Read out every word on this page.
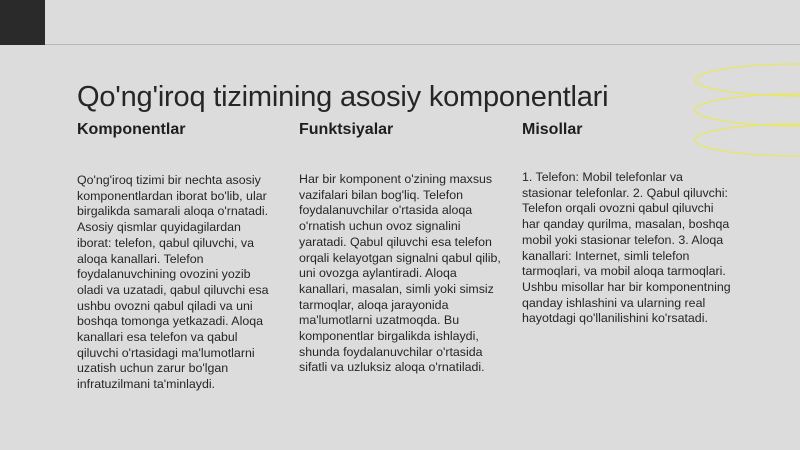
Qo'ng'iroq tizimining asosiy komponentlari
Komponentlar

Qo'ng'iroq tizimi bir nechta asosiy komponentlardan iborat bo'lib, ular birgalikda samarali aloqa o'rnatadi. Asosiy qismlar quyidagilardan iborat: telefon, qabul qiluvchi, va aloqa kanallari. Telefon foydalanuvchining ovozini yozib oladi va uzatadi, qabul qiluvchi esa ushbu ovozni qabul qiladi va uni boshqa tomonga yetkazadi. Aloqa kanallari esa telefon va qabul qiluvchi o'rtasidagi ma'lumotlarni uzatish uchun zarur bo'lgan infratuzilmani ta'minlaydi.

Funktsiyalar

Har bir komponent o'zining maxsus vazifalari bilan bog'liq. Telefon foydalanuvchilar o'rtasida aloqa o'rnatish uchun ovoz signalini yaratadi. Qabul qiluvchi esa telefon orqali kelayotgan signalni qabul qilib, uni ovozga aylantiradi. Aloqa kanallari, masalan, simli yoki simsiz tarmoqlar, aloqa jarayonida ma'lumotlarni uzatmoqda. Bu komponentlar birgalikda ishlaydi, shunda foydalanuvchilar o'rtasida sifatli va uzluksiz aloqa o'rnatiladi.

Misollar

1. Telefon: Mobil telefonlar va stasionar telefonlar. 2. Qabul qiluvchi: Telefon orqali ovozni qabul qiluvchi har qanday qurilma, masalan, boshqa mobil yoki stasionar telefon. 3. Aloqa kanallari: Internet, simli telefon tarmoqlari, va mobil aloqa tarmoqlari. Ushbu misollar har bir komponentning qanday ishlashini va ularning real hayotdagi qo'llanilishini ko'rsatadi.
